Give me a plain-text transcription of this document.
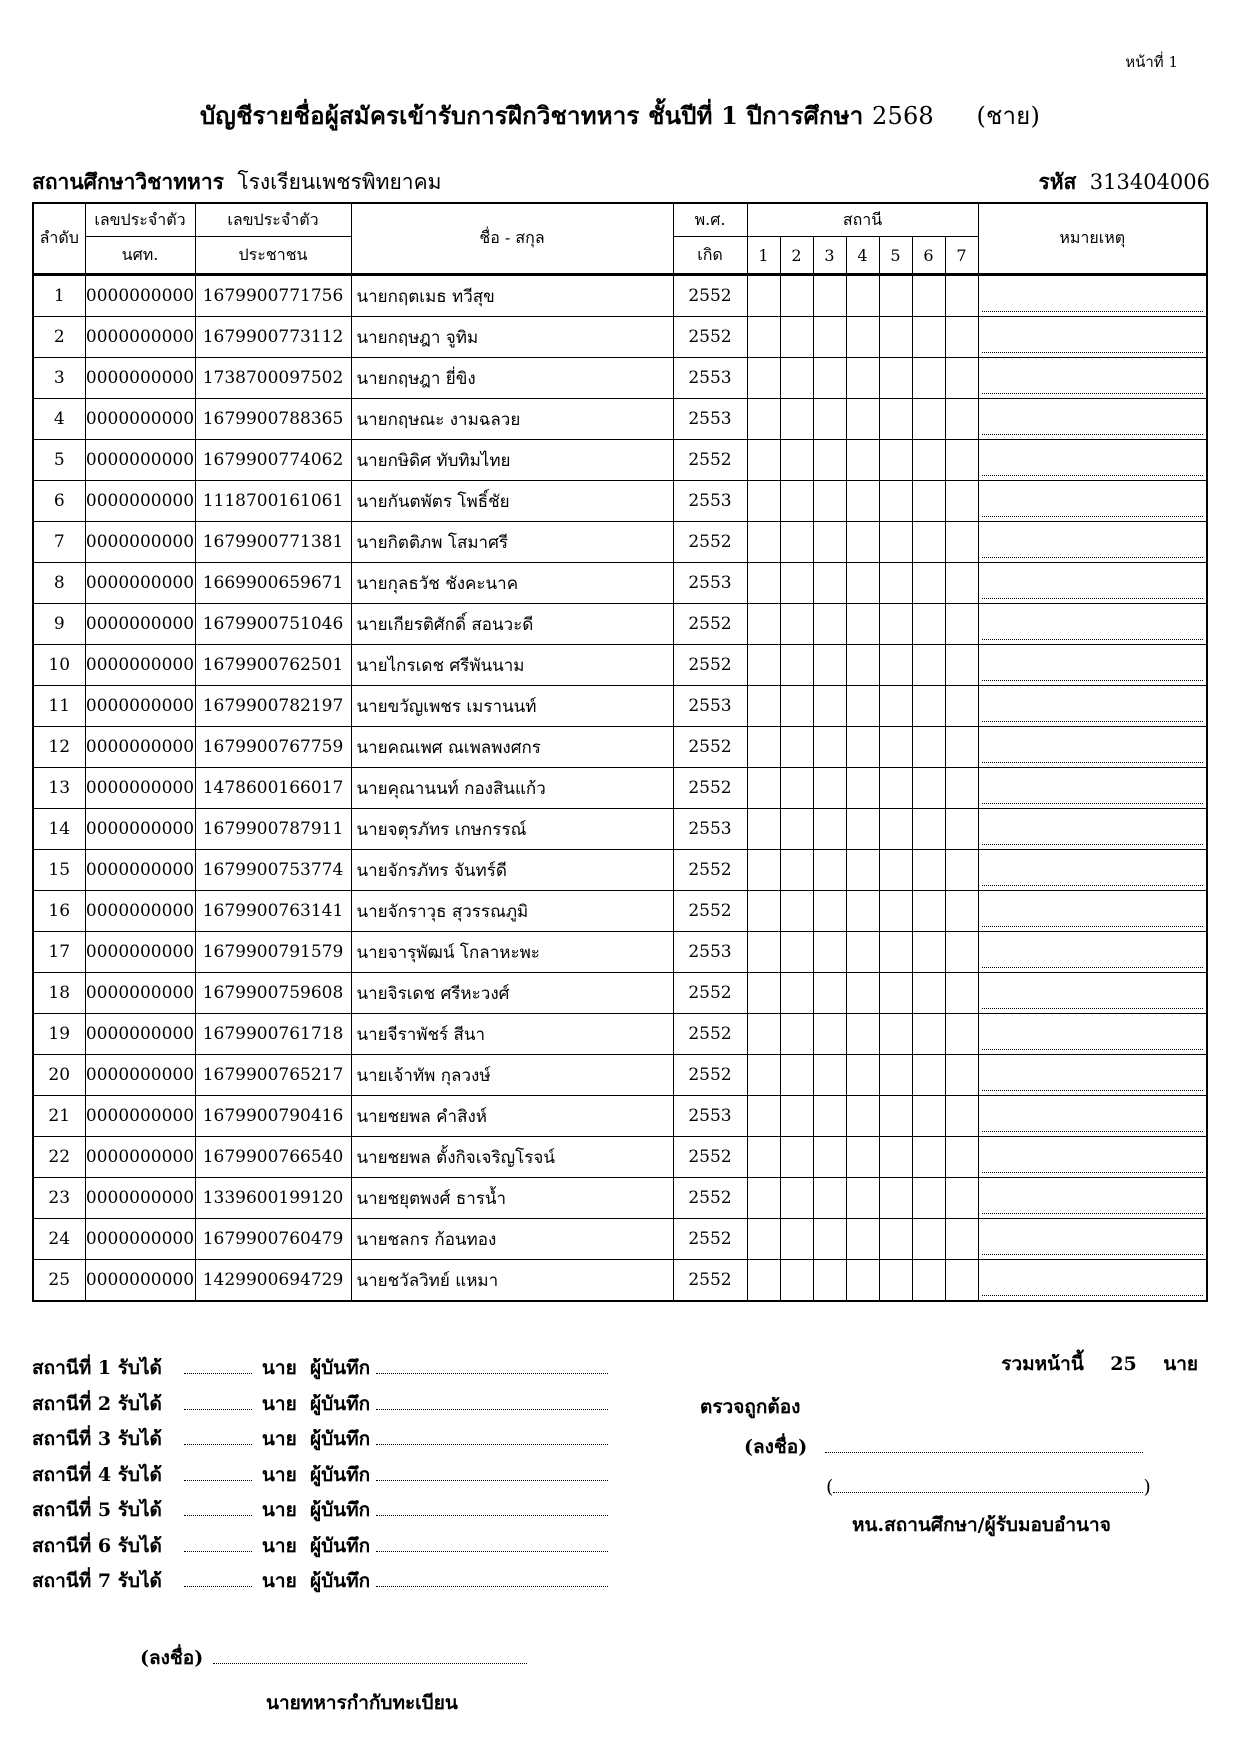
หน้าที่ 1
บัญชีรายชื่อผู้สมัครเข้ารับการฝึกวิชาทหาร ชั้นปีที่ 1 ปีการศึกษา 2568 (ชาย)
สถานศึกษาวิชาทหาร โรงเรียนเพชรพิทยาคม	รหัส 313404006
ลำดับ	เลขประจำตัว	เลขประจำตัว	ชื่อ - สกุล	พ.ศ.	สถานี							หมายเหตุ
	นศท.	ประชาชน		เกิด	1	2	3	4	5	6	7	
1	0000000000	1679900771756	นายกฤตเมธ ทวีสุข	2552								

2	0000000000	1679900773112	นายกฤษฎา จูทิม	2552								

3	0000000000	1738700097502	นายกฤษฎา ยี่ขิง	2553								

4	0000000000	1679900788365	นายกฤษณะ งามฉลวย	2553								

5	0000000000	1679900774062	นายกษิดิศ ทับทิมไทย	2552								

6	0000000000	1118700161061	นายกันตพัตร โพธิ์ชัย	2553								

7	0000000000	1679900771381	นายกิตติภพ โสมาศรี	2552								

8	0000000000	1669900659671	นายกุลธวัช ชังคะนาค	2553								

9	0000000000	1679900751046	นายเกียรติศักดิ์ สอนวะดี	2552								

10	0000000000	1679900762501	นายไกรเดช ศรีพันนาม	2552								

11	0000000000	1679900782197	นายขวัญเพชร เมรานนท์	2553								

12	0000000000	1679900767759	นายคณเพศ ณเพลพงศกร	2552								

13	0000000000	1478600166017	นายคุณานนท์ กองสินแก้ว	2552								

14	0000000000	1679900787911	นายจตุรภัทร เกษกรรณ์	2553								

15	0000000000	1679900753774	นายจักรภัทร จันทร์ดี	2552								

16	0000000000	1679900763141	นายจักราวุธ สุวรรณภูมิ	2552								

17	0000000000	1679900791579	นายจารุพัฒน์ โกลาหะพะ	2553								

18	0000000000	1679900759608	นายจิรเดช ศรีหะวงศ์	2552								

19	0000000000	1679900761718	นายจีราพัชร์ สีนา	2552								

20	0000000000	1679900765217	นายเจ้าทัพ กุลวงษ์	2552								

21	0000000000	1679900790416	นายชยพล คำสิงห์	2553								

22	0000000000	1679900766540	นายชยพล ตั้งกิจเจริญโรจน์	2552								

23	0000000000	1339600199120	นายชยุตพงศ์ ธารน้ำ	2552								

24	0000000000	1679900760479	นายชลกร ก้อนทอง	2552								

25	0000000000	1429900694729	นายชวัลวิทย์ แหมา	2552								
สถานีที่ 1 รับได้	นาย ผู้บันทึก
สถานีที่ 2 รับได้	นาย ผู้บันทึก
สถานีที่ 3 รับได้	นาย ผู้บันทึก
สถานีที่ 4 รับได้	นาย ผู้บันทึก
สถานีที่ 5 รับได้	นาย ผู้บันทึก
สถานีที่ 6 รับได้	นาย ผู้บันทึก
สถานีที่ 7 รับได้	นาย ผู้บันทึก
รวมหน้านี้ 25 นาย
ตรวจถูกต้อง
(ลงชื่อ)
(	)
หน.สถานศึกษา/ผู้รับมอบอำนาจ
(ลงชื่อ)
นายทหารกำกับทะเบียน
